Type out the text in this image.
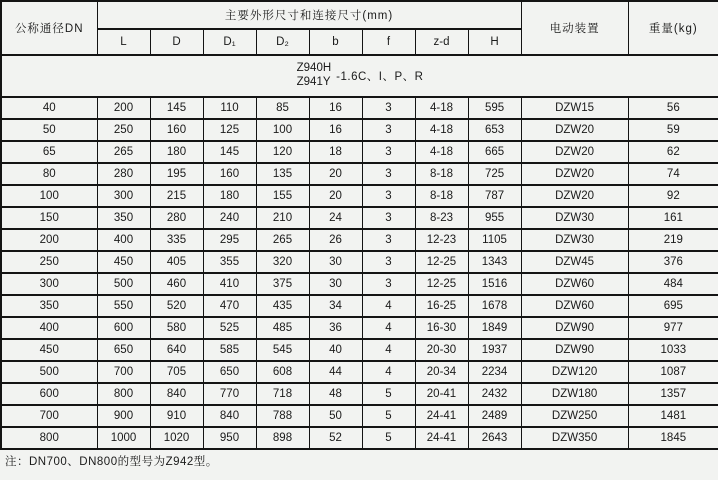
公称通径DN	主要外形尺寸和连接尺寸(mm)								电动装置	重量(kg)
	L	D	D₁	D₂	b	f	z-d	H		

Z940H
Z941Y -1.6C、I、P、R										

40	200	145	110	85	16	3	4-18	595	DZW15	56
50	250	160	125	100	16	3	4-18	653	DZW20	59
65	265	180	145	120	18	3	4-18	665	DZW20	62
80	280	195	160	135	20	3	8-18	725	DZW20	74
100	300	215	180	155	20	3	8-18	787	DZW20	92
150	350	280	240	210	24	3	8-23	955	DZW30	161
200	400	335	295	265	26	3	12-23	1105	DZW30	219
250	450	405	355	320	30	3	12-25	1343	DZW45	376
300	500	460	410	375	30	3	12-25	1516	DZW60	484
350	550	520	470	435	34	4	16-25	1678	DZW60	695
400	600	580	525	485	36	4	16-30	1849	DZW90	977
450	650	640	585	545	40	4	20-30	1937	DZW90	1033
500	700	705	650	608	44	4	20-34	2234	DZW120	1087
600	800	840	770	718	48	5	20-41	2432	DZW180	1357
700	900	910	840	788	50	5	24-41	2489	DZW250	1481
800	1000	1020	950	898	52	5	24-41	2643	DZW350	1845
注：DN700、DN800的型号为Z942型。
